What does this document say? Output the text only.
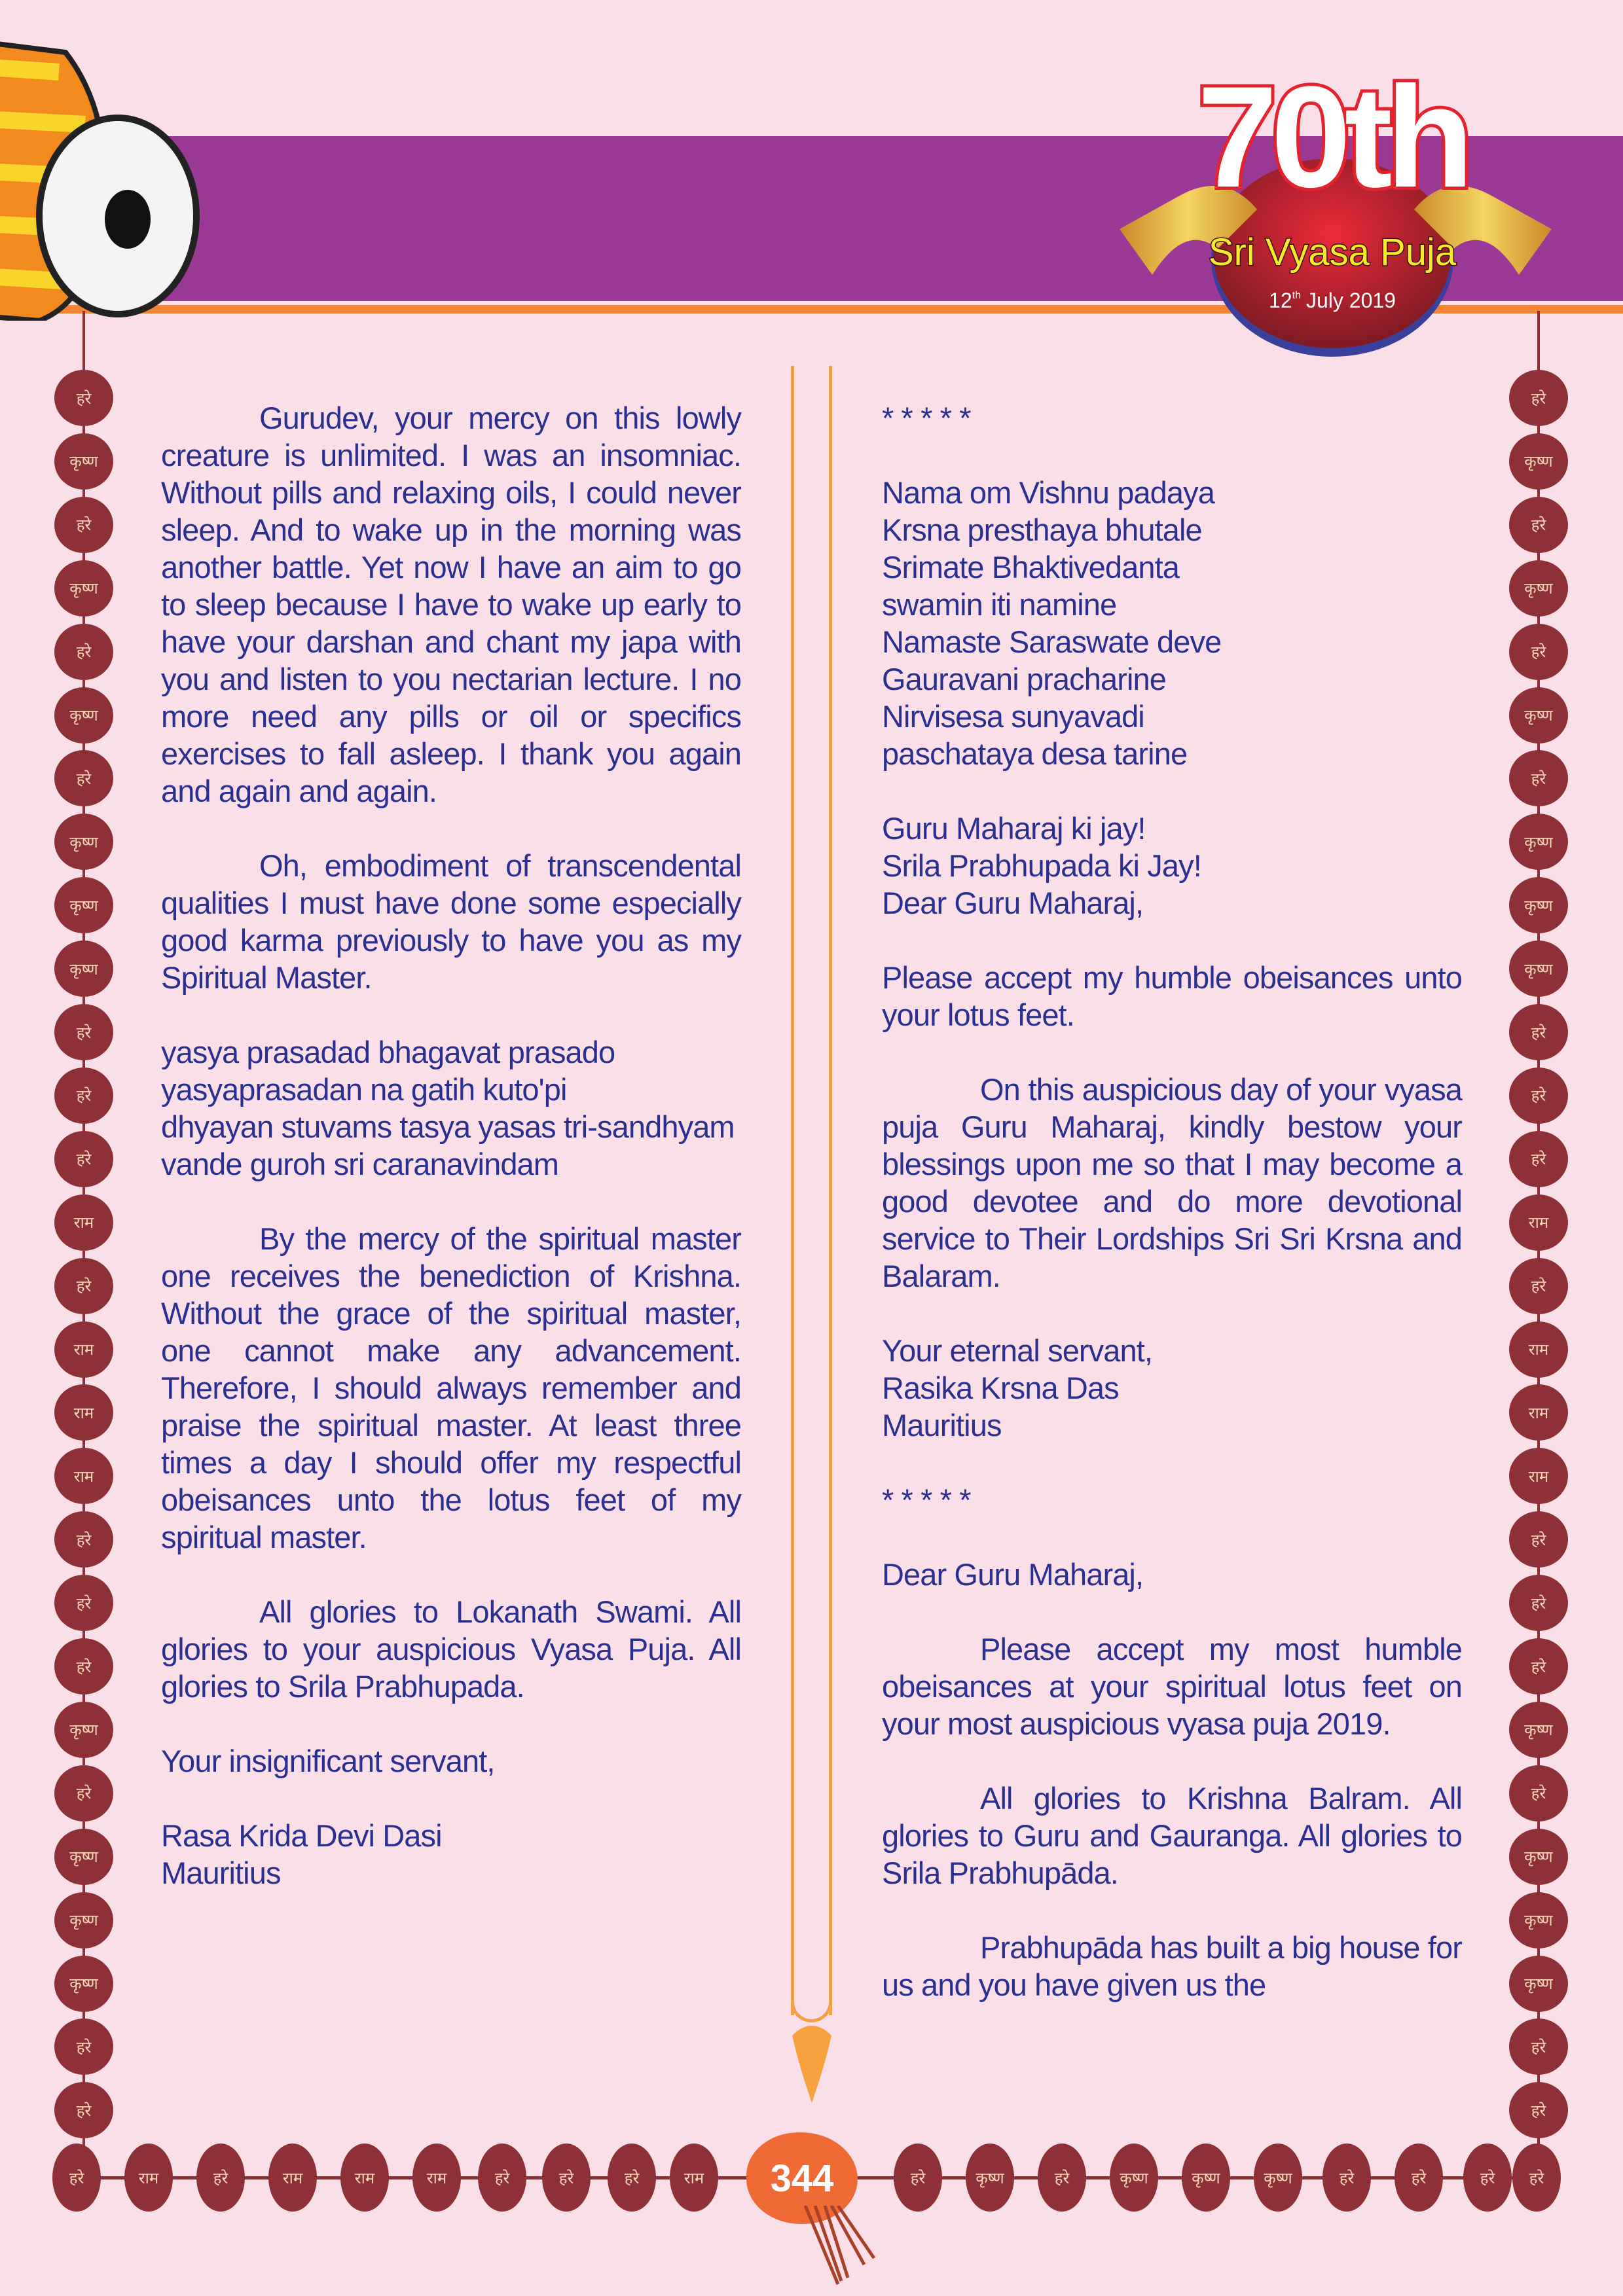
70th
Sri Vyasa Puja
12th July 2019
हरे	हरे
कृष्ण	कृष्ण
हरे	हरे
कृष्ण	कृष्ण
हरे	हरे
कृष्ण	कृष्ण
हरे	हरे
कृष्ण	कृष्ण
कृष्ण	कृष्ण
कृष्ण	कृष्ण
हरे	हरे
हरे	हरे
हरे	हरे
राम	राम
हरे	हरे
राम	राम
राम	राम
राम	राम
हरे	हरे
हरे	हरे
हरे	हरे
कृष्ण	कृष्ण
हरे	हरे
कृष्ण	कृष्ण
कृष्ण	कृष्ण
कृष्ण	कृष्ण
हरे	हरे
हरे	हरे
हरे	राम	हरे	राम	राम	राम	हरे	हरे	हरे	राम	हरे	कृष्ण	हरे	कृष्ण	कृष्ण	कृष्ण	हरे	हरे	हरे	हरे
344

Gurudev, your mercy on this lowly creature is unlimited. I was an insomniac. Without pills and relaxing oils, I could never sleep. And to wake up in the morning was another battle. Yet now I have an aim to go to sleep because I have to wake up early to have your darshan and chant my japa with you and listen to you nectarian lecture. I no more need any pills or oil or specifics exercises to fall asleep. I thank you again and again and again.

Oh, embodiment of transcendental qualities I must have done some especially good karma previously to have you as my Spiritual Master.

yasya prasadad bhagavat prasado
yasyaprasadan na gatih kuto'pi
dhyayan stuvams tasya yasas tri-sandhyam
vande guroh sri caranavindam

By the mercy of the spiritual master one receives the benediction of Krishna. Without the grace of the spiritual master, one cannot make any advancement. Therefore, I should always remember and praise the spiritual master. At least three times a day I should offer my respectful obeisances unto the lotus feet of my spiritual master.

All glories to Lokanath Swami. All glories to your auspicious Vyasa Puja. All glories to Srila Prabhupada.

Your insignificant servant,

Rasa Krida Devi Dasi
Mauritius

* * * * *

Nama om Vishnu padaya
Krsna presthaya bhutale
Srimate Bhaktivedanta
swamin iti namine
Namaste Saraswate deve
Gauravani pracharine
Nirvisesa sunyavadi
paschataya desa tarine

Guru Maharaj ki jay!
Srila Prabhupada ki Jay!
Dear Guru Maharaj,

Please accept my humble obeisances unto your lotus feet.

On this auspicious day of your vyasa puja Guru Maharaj, kindly bestow your blessings upon me so that I may become a good devotee and do more devotional service to Their Lordships Sri Sri Krsna and Balaram.

Your eternal servant,
Rasika Krsna Das
Mauritius

* * * * *

Dear Guru Maharaj,

Please accept my most humble obeisances at your spiritual lotus feet on your most auspicious vyasa puja 2019.

All glories to Krishna Balram. All glories to Guru and Gauranga. All glories to Srila Prabhupāda.

Prabhupāda has built a big house for us and you have given us the
